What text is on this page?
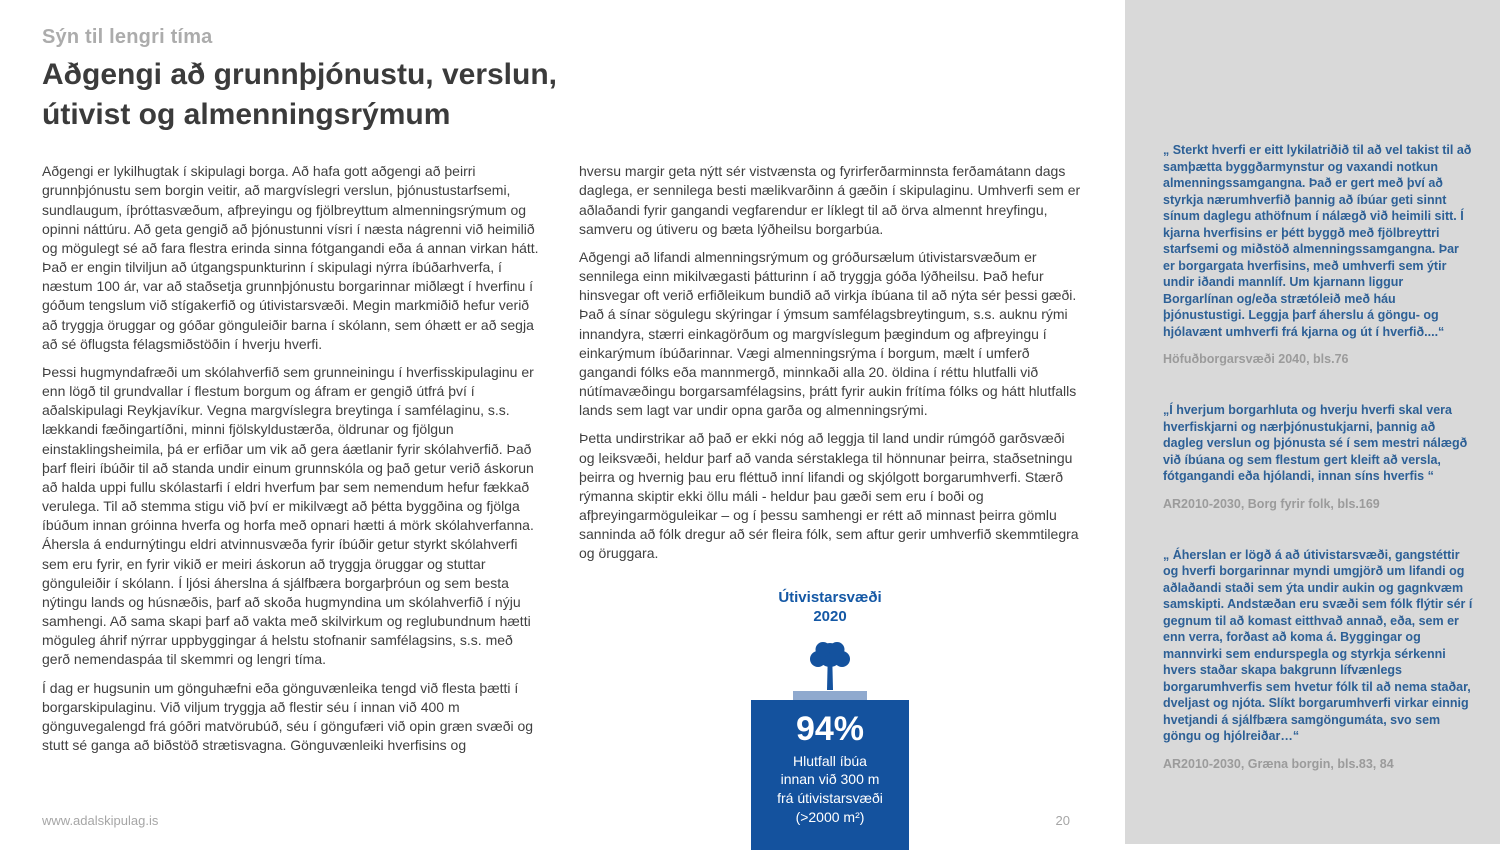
Sýn til lengri tíma
Aðgengi að grunnþjónustu, verslun,
útivist og almenningsrýmum

Aðgengi er lykilhugtak í skipulagi borga. Að hafa gott aðgengi að þeirri grunnþjónustu sem borgin veitir, að margvíslegri verslun, þjónustustarfsemi, sundlaugum, íþróttasvæðum, afþreyingu og fjölbreyttum almenningsrýmum og opinni náttúru. Að geta gengið að þjónustunni vísri í næsta nágrenni við heimilið og mögulegt sé að fara flestra erinda sinna fótgangandi eða á annan virkan hátt. Það er engin tilviljun að útgangspunkturinn í skipulagi nýrra íbúðarhverfa, í næstum 100 ár, var að staðsetja grunnþjónustu borgarinnar miðlægt í hverfinu í góðum tengslum við stígakerfið og útivistarsvæði. Megin markmiðið hefur verið að tryggja öruggar og góðar gönguleiðir barna í skólann, sem óhætt er að segja að sé öflugsta félagsmiðstöðin í hverju hverfi.

Þessi hugmyndafræði um skólahverfið sem grunneiningu í hverfisskipulaginu er enn lögð til grundvallar í flestum borgum og áfram er gengið útfrá því í aðalskipulagi Reykjavíkur. Vegna margvíslegra breytinga í samfélaginu, s.s. lækkandi fæðingartíðni, minni fjölskyldustærða, öldrunar og fjölgun einstaklingsheimila, þá er erfiðar um vik að gera áætlanir fyrir skólahverfið. Það þarf fleiri íbúðir til að standa undir einum grunnskóla og það getur verið áskorun að halda uppi fullu skólastarfi í eldri hverfum þar sem nemendum hefur fækkað verulega. Til að stemma stigu við því er mikilvægt að þétta byggðina og fjölga íbúðum innan gróinna hverfa og horfa með opnari hætti á mörk skólahverfanna. Áhersla á endurnýtingu eldri atvinnusvæða fyrir íbúðir getur styrkt skólahverfi sem eru fyrir, en fyrir vikið er meiri áskorun að tryggja öruggar og stuttar gönguleiðir í skólann. Í ljósi áherslna á sjálfbæra borgarþróun og sem besta nýtingu lands og húsnæðis, þarf að skoða hugmyndina um skólahverfið í nýju samhengi. Að sama skapi þarf að vakta með skilvirkum og reglubundnum hætti möguleg áhrif nýrrar uppbyggingar á helstu stofnanir samfélagsins, s.s. með gerð nemendaspáa til skemmri og lengri tíma.

Í dag er hugsunin um gönguhæfni eða gönguvænleika tengd við flesta þætti í borgarskipulaginu. Við viljum tryggja að flestir séu í innan við 400 m gönguvegalengd frá góðri matvörubúð, séu í göngufæri við opin græn svæði og stutt sé ganga að biðstöð strætisvagna. Gönguvænleiki hverfisins og

hversu margir geta nýtt sér vistvænsta og fyrirferðarminnsta ferðamátann dags daglega, er sennilega besti mælikvarðinn á gæðin í skipulaginu. Umhverfi sem er aðlaðandi fyrir gangandi vegfarendur er líklegt til að örva almennt hreyfingu, samveru og útiveru og bæta lýðheilsu borgarbúa.

Aðgengi að lifandi almenningsrýmum og gróðursælum útivistarsvæðum er sennilega einn mikilvægasti þátturinn í að tryggja góða lýðheilsu. Það hefur hinsvegar oft verið erfiðleikum bundið að virkja íbúana til að nýta sér þessi gæði. Það á sínar sögulegu skýringar í ýmsum samfélagsbreytingum, s.s. auknu rými innandyra, stærri einkagörðum og margvíslegum þægindum og afþreyingu í einkarýmum íbúðarinnar. Vægi almenningsrýma í borgum, mælt í umferð gangandi fólks eða mannmergð, minnkaði alla 20. öldina í réttu hlutfalli við nútímavæðingu borgarsamfélagsins, þrátt fyrir aukin frítíma fólks og hátt hlutfalls lands sem lagt var undir opna garða og almenningsrými.

Þetta undirstrikar að það er ekki nóg að leggja til land undir rúmgóð garðsvæði og leiksvæði, heldur þarf að vanda sérstaklega til hönnunar þeirra, staðsetningu þeirra og hvernig þau eru fléttuð inní lifandi og skjólgott borgarumhverfi. Stærð rýmanna skiptir ekki öllu máli - heldur þau gæði sem eru í boði og afþreyingarmöguleikar – og í þessu samhengi er rétt að minnast þeirra gömlu sanninda að fólk dregur að sér fleira fólk, sem aftur gerir umhverfið skemmtilegra og öruggara.

Útivistarsvæði
2020
94%
Hlutfall íbúa
innan við 300 m
frá útivistarsvæði
(>2000 m²)
www.adalskipulag.is	20
„ Sterkt hverfi er eitt lykilatriðið til að vel takist til að samþætta byggðarmynstur og vaxandi notkun almenningssamgangna. Það er gert með því að styrkja nærumhverfið þannig að íbúar geti sinnt sínum daglegu athöfnum í nálægð við heimili sitt. Í kjarna hverfisins er þétt byggð með fjölbreyttri starfsemi og miðstöð almenningssamgangna. Þar er borgargata hverfisins, með umhverfi sem ýtir undir iðandi mannlíf. Um kjarnann liggur Borgarlínan og/eða strætóleið með háu þjónustustigi. Leggja þarf áherslu á göngu- og hjólavænt umhverfi frá kjarna og út í hverfið....“
Höfuðborgarsvæði 2040, bls.76
„Í hverjum borgarhluta og hverju hverfi skal vera hverfiskjarni og nærþjónustukjarni, þannig að dagleg verslun og þjónusta sé í sem mestri nálægð við íbúana og sem flestum gert kleift að versla, fótgangandi eða hjólandi, innan síns hverfis “
AR2010-2030, Borg fyrir folk, bls.169
„ Áherslan er lögð á að útivistarsvæði, gangstéttir og hverfi borgarinnar myndi umgjörð um lifandi og aðlaðandi staði sem ýta undir aukin og gagnkvæm samskipti. Andstæðan eru svæði sem fólk flýtir sér í gegnum til að komast eitthvað annað, eða, sem er enn verra, forðast að koma á. Byggingar og mannvirki sem endurspegla og styrkja sérkenni hvers staðar skapa bakgrunn lífvænlegs borgarumhverfis sem hvetur fólk til að nema staðar, dveljast og njóta. Slíkt borgarumhverfi virkar einnig hvetjandi á sjálfbæra samgöngumáta, svo sem göngu og hjólreiðar…“
AR2010-2030, Græna borgin, bls.83, 84
